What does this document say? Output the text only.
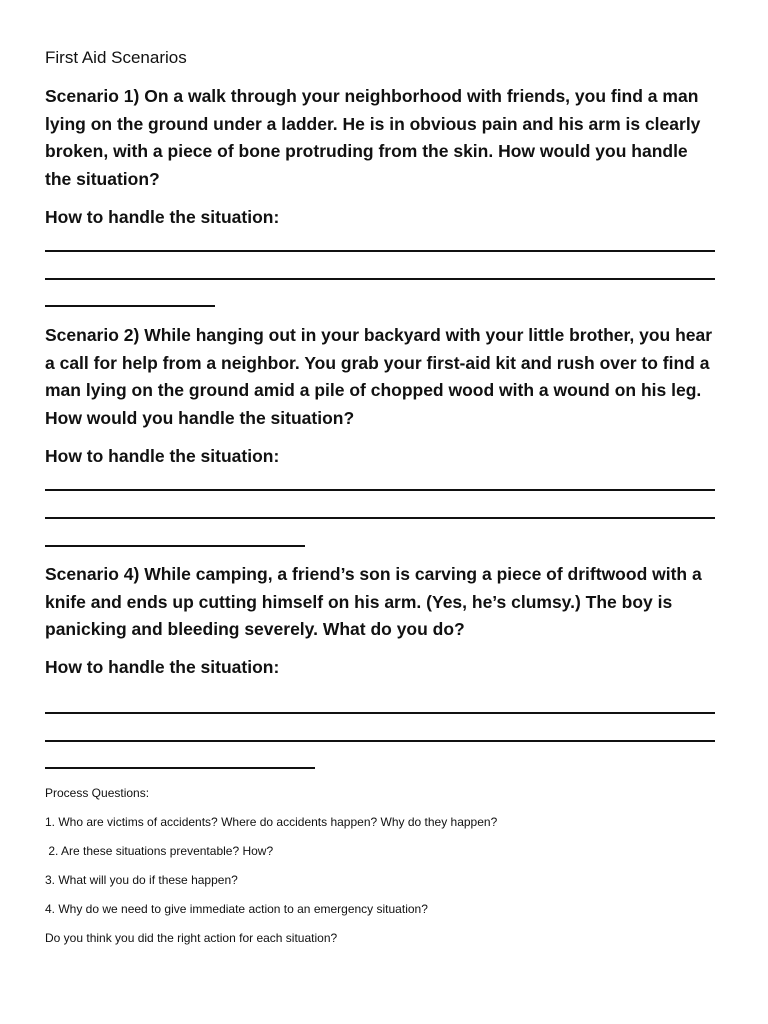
First Aid Scenarios
Scenario 1) On a walk through your neighborhood with friends, you find a man lying on the ground under a ladder. He is in obvious pain and his arm is clearly broken, with a piece of bone protruding from the skin. How would you handle the situation?
How to handle the situation:
Scenario 2) While hanging out in your backyard with your little brother, you hear a call for help from a neighbor. You grab your first-aid kit and rush over to find a man lying on the ground amid a pile of chopped wood with a wound on his leg. How would you handle the situation?
How to handle the situation:
Scenario 4) While camping, a friend’s son is carving a piece of driftwood with a knife and ends up cutting himself on his arm. (Yes, he’s clumsy.) The boy is panicking and bleeding severely. What do you do?
How to handle the situation:
Process Questions:
1. Who are victims of accidents? Where do accidents happen? Why do they happen?
2. Are these situations preventable? How?
3. What will you do if these happen?
4. Why do we need to give immediate action to an emergency situation?
Do you think you did the right action for each situation?
